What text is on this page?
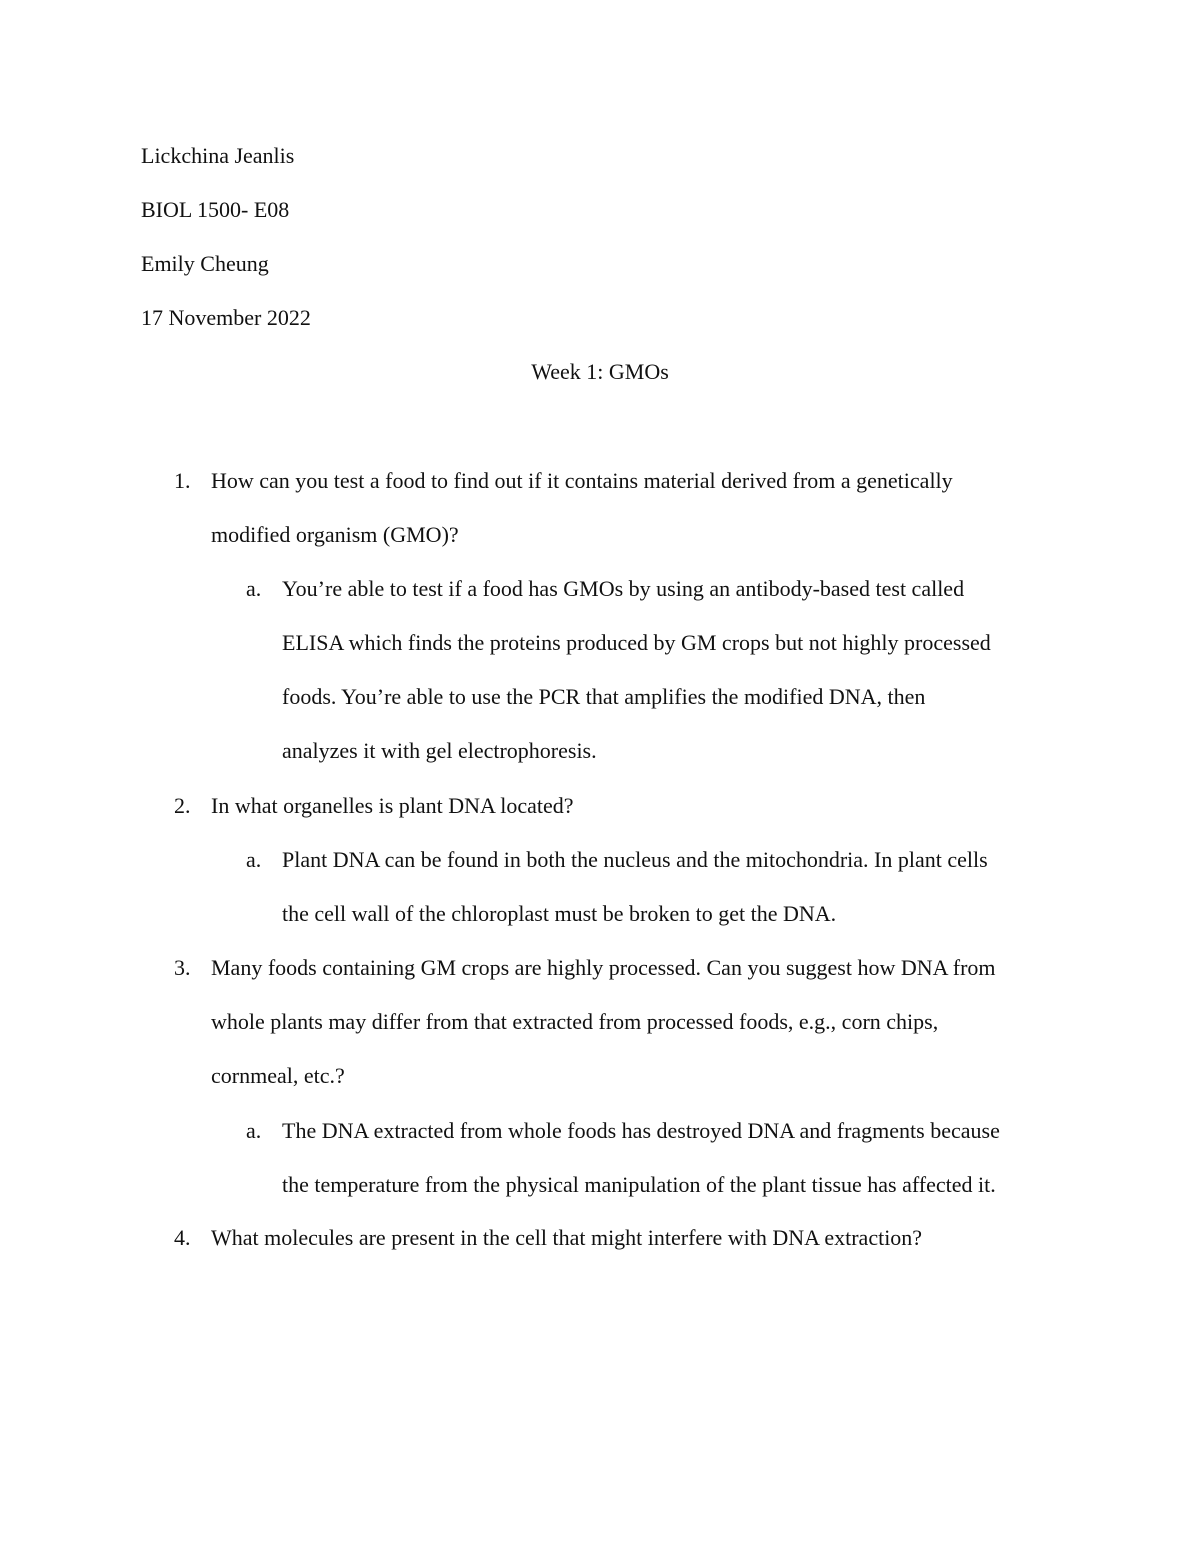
Lickchina Jeanlis
BIOL 1500- E08
Emily Cheung
17 November 2022
Week 1: GMOs
1. How can you test a food to find out if it contains material derived from a genetically
modified organism (GMO)?
a. You’re able to test if a food has GMOs by using an antibody-based test called
ELISA which finds the proteins produced by GM crops but not highly processed
foods. You’re able to use the PCR that amplifies the modified DNA, then
analyzes it with gel electrophoresis.
2. In what organelles is plant DNA located?
a. Plant DNA can be found in both the nucleus and the mitochondria. In plant cells
the cell wall of the chloroplast must be broken to get the DNA.
3. Many foods containing GM crops are highly processed. Can you suggest how DNA from
whole plants may differ from that extracted from processed foods, e.g., corn chips,
cornmeal, etc.?
a. The DNA extracted from whole foods has destroyed DNA and fragments because
the temperature from the physical manipulation of the plant tissue has affected it.
4. What molecules are present in the cell that might interfere with DNA extraction?
